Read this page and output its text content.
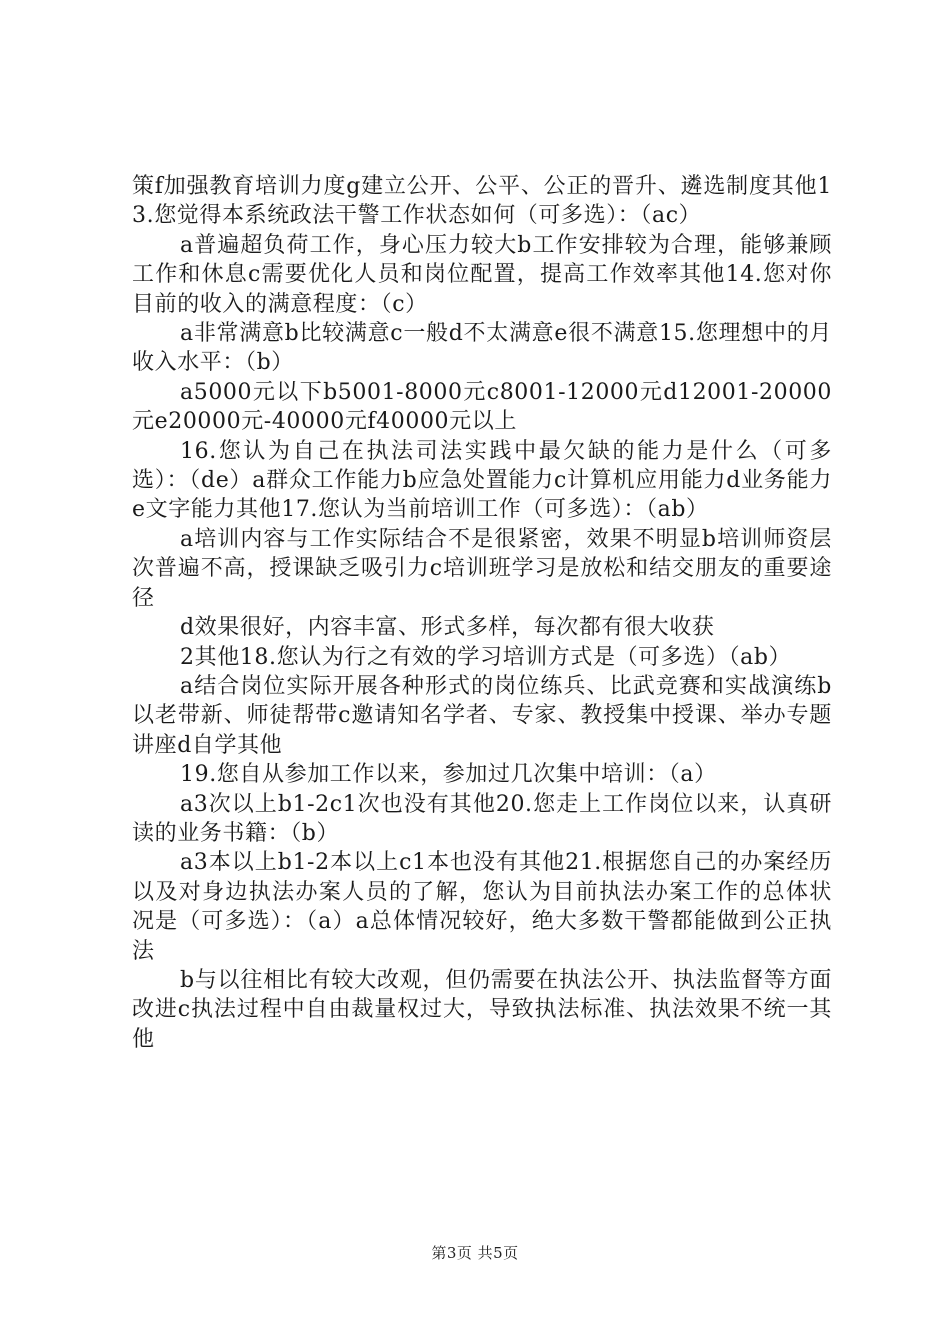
策f加强教育培训力度g建立公开、公平、公正的晋升、遴选制度其他13.您觉得本系统政法干警工作状态如何（可多选）：（ac）

a普遍超负荷工作，身心压力较大b工作安排较为合理，能够兼顾工作和休息c需要优化人员和岗位配置，提高工作效率其他14.您对你目前的收入的满意程度：（c）

a非常满意b比较满意c一般d不太满意e很不满意15.您理想中的月收入水平：（b）

a5000元以下b5001-8000元c8001-12000元d12001-20000元e20000元-40000元f40000元以上

16.您认为自己在执法司法实践中最欠缺的能力是什么（可多选）：（de）a群众工作能力b应急处置能力c计算机应用能力d业务能力e文字能力其他17.您认为当前培训工作（可多选）：（ab）

a培训内容与工作实际结合不是很紧密，效果不明显b培训师资层次普遍不高，授课缺乏吸引力c培训班学习是放松和结交朋友的重要途径

d效果很好，内容丰富、形式多样，每次都有很大收获

2其他18.您认为行之有效的学习培训方式是（可多选）（ab）

a结合岗位实际开展各种形式的岗位练兵、比武竞赛和实战演练b以老带新、师徒帮带c邀请知名学者、专家、教授集中授课、举办专题讲座d自学其他

19.您自从参加工作以来，参加过几次集中培训：（a）

a3次以上b1-2c1次也没有其他20.您走上工作岗位以来，认真研读的业务书籍：（b）

a3本以上b1-2本以上c1本也没有其他21.根据您自己的办案经历以及对身边执法办案人员的了解，您认为目前执法办案工作的总体状况是（可多选）：（a）a总体情况较好，绝大多数干警都能做到公正执法

b与以往相比有较大改观，但仍需要在执法公开、执法监督等方面改进c执法过程中自由裁量权过大，导致执法标准、执法效果不统一其他

第3页 共5页
